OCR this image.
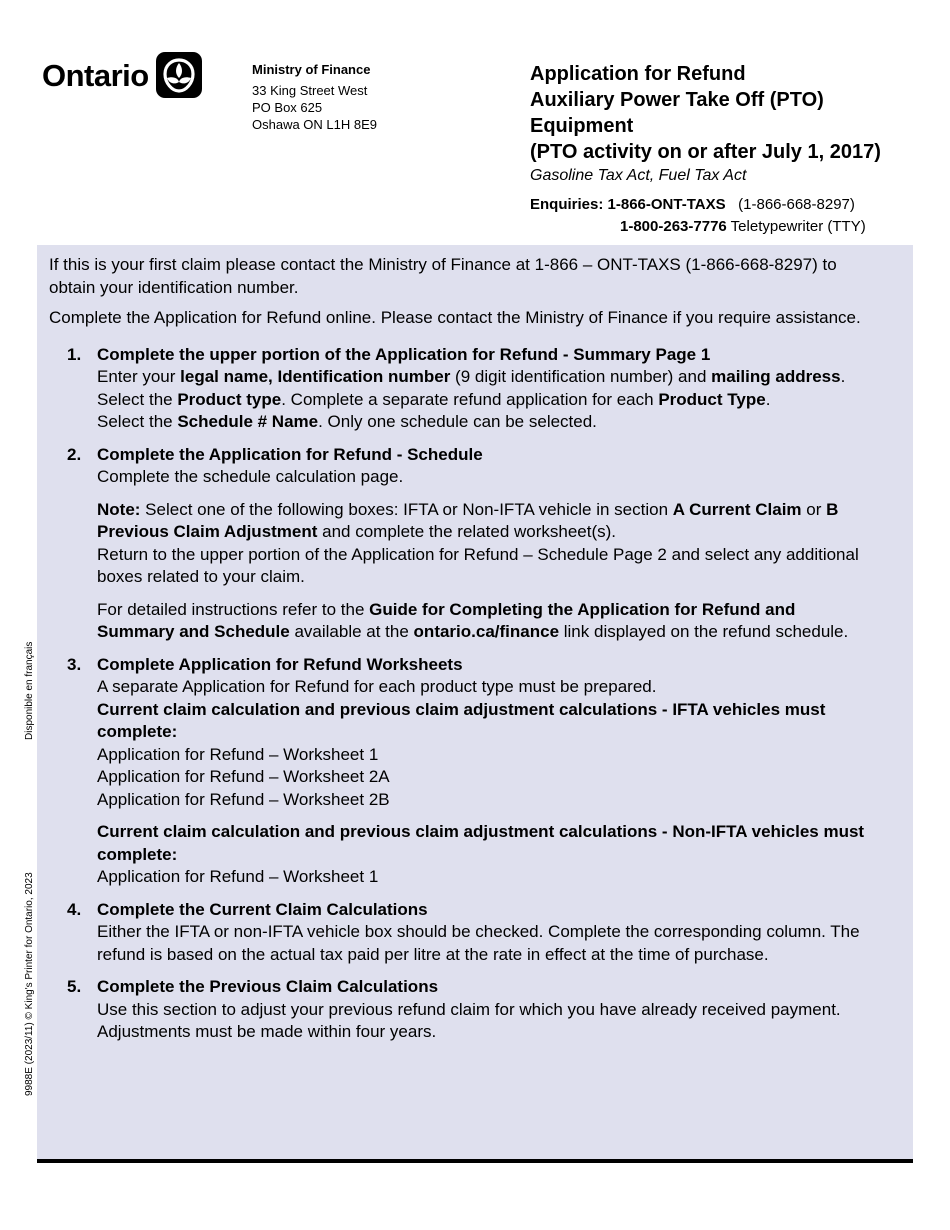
Ontario	Ministry of Finance
33 King Street West
PO Box 625
Oshawa ON L1H 8E9
Application for Refund
Auxiliary Power Take Off (PTO)
Equipment
(PTO activity on or after July 1, 2017)
Gasoline Tax Act, Fuel Tax Act
Enquiries: 1-866-ONT-TAXS (1-866-668-8297)
1-800-263-7776 Teletypewriter (TTY)

If this is your first claim please contact the Ministry of Finance at 1-866 – ONT-TAXS (1-866-668-8297) to obtain your identification number.

Complete the Application for Refund online. Please contact the Ministry of Finance if you require assistance.

1. Complete the upper portion of the Application for Refund - Summary Page 1
Enter your legal name, Identification number (9 digit identification number) and mailing address.
Select the Product type. Complete a separate refund application for each Product Type.
Select the Schedule # Name. Only one schedule can be selected.
2. Complete the Application for Refund - Schedule
Complete the schedule calculation page.
Note: Select one of the following boxes: IFTA or Non-IFTA vehicle in section A Current Claim or B Previous Claim Adjustment and complete the related worksheet(s).
Return to the upper portion of the Application for Refund – Schedule Page 2 and select any additional boxes related to your claim.
For detailed instructions refer to the Guide for Completing the Application for Refund and Summary and Schedule available at the ontario.ca/finance link displayed on the refund schedule.
3. Complete Application for Refund Worksheets
A separate Application for Refund for each product type must be prepared.
Current claim calculation and previous claim adjustment calculations - IFTA vehicles must complete:
Application for Refund – Worksheet 1
Application for Refund – Worksheet 2A
Application for Refund – Worksheet 2B
Current claim calculation and previous claim adjustment calculations - Non-IFTA vehicles must complete:
Application for Refund – Worksheet 1
4. Complete the Current Claim Calculations
Either the IFTA or non-IFTA vehicle box should be checked. Complete the corresponding column. The refund is based on the actual tax paid per litre at the rate in effect at the time of purchase.
5. Complete the Previous Claim Calculations
Use this section to adjust your previous refund claim for which you have already received payment. Adjustments must be made within four years.
Disponible en français
9988E (2023/11) © King's Printer for Ontario, 2023
